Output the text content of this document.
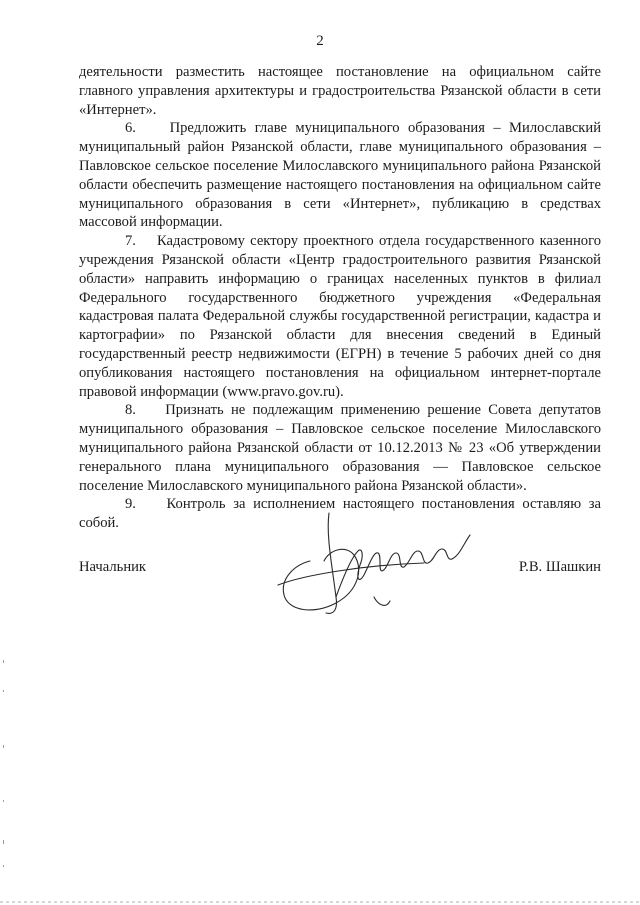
2

деятельности разместить настоящее постановление на официальном сайте главного управления архитектуры и градостроительства Рязанской области в сети «Интернет».

6. Предложить главе муниципального образования – Милославский муниципальный район Рязанской области, главе муниципального образования – Павловское сельское поселение Милославского муниципального района Рязанской области обеспечить размещение настоящего постановления на официальном сайте муниципального образования в сети «Интернет», публикацию в средствах массовой информации.

7. Кадастровому сектору проектного отдела государственного казенного учреждения Рязанской области «Центр градостроительного развития Рязанской области» направить информацию о границах населенных пунктов в филиал Федерального государственного бюджетного учреждения «Федеральная кадастровая палата Федеральной службы государственной регистрации, кадастра и картографии» по Рязанской области для внесения сведений в Единый государственный реестр недвижимости (ЕГРН) в течение 5 рабочих дней со дня опубликования настоящего постановления на официальном интернет-портале правовой информации (www.pravo.gov.ru).

8. Признать не подлежащим применению решение Совета депутатов муниципального образования – Павловское сельское поселение Милославского муниципального района Рязанской области от 10.12.2013 № 23 «Об утверждении генерального плана муниципального образования — Павловское сельское поселение Милославского муниципального района Рязанской области».

9. Контроль за исполнением настоящего постановления оставляю за собой.

Начальник	Р.В. Шашкин
